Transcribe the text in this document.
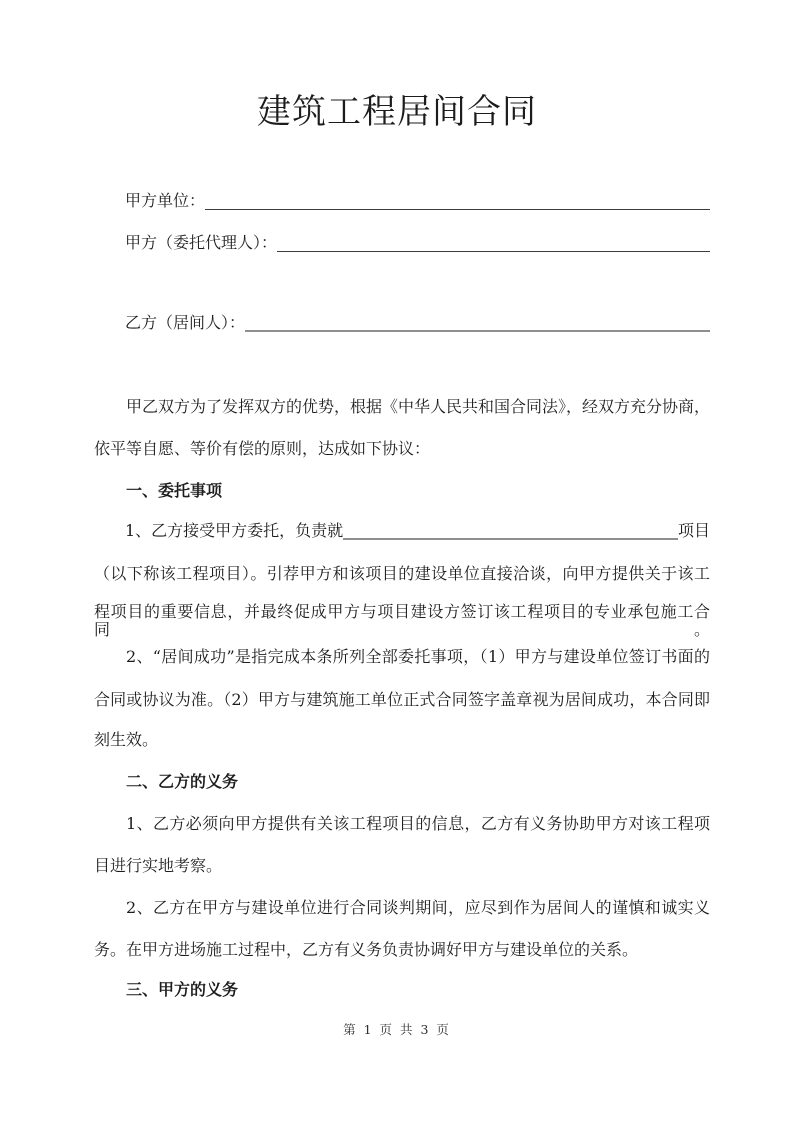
建筑工程居间合同
甲方单位：
甲方（委托代理人）：
乙方（居间人）：
甲乙双方为了发挥双方的优势，根据《中华人民共和国合同法》，经双方充分协商，
依平等自愿、等价有偿的原则，达成如下协议：
一、委托事项
1、乙方接受甲方委托，负责就	项目
（以下称该工程项目）。引荐甲方和该项目的建设单位直接洽谈，向甲方提供关于该工
程项目的重要信息，并最终促成甲方与项目建设方签订该工程项目的专业承包施工合同。
2、“居间成功”是指完成本条所列全部委托事项，（1）甲方与建设单位签订书面的
合同或协议为准。（2）甲方与建筑施工单位正式合同签字盖章视为居间成功，本合同即
刻生效。
二、乙方的义务
1、乙方必须向甲方提供有关该工程项目的信息，乙方有义务协助甲方对该工程项
目进行实地考察。
2、乙方在甲方与建设单位进行合同谈判期间，应尽到作为居间人的谨慎和诚实义
务。在甲方进场施工过程中，乙方有义务负责协调好甲方与建设单位的关系。
三、甲方的义务
第 1 页 共 3 页
